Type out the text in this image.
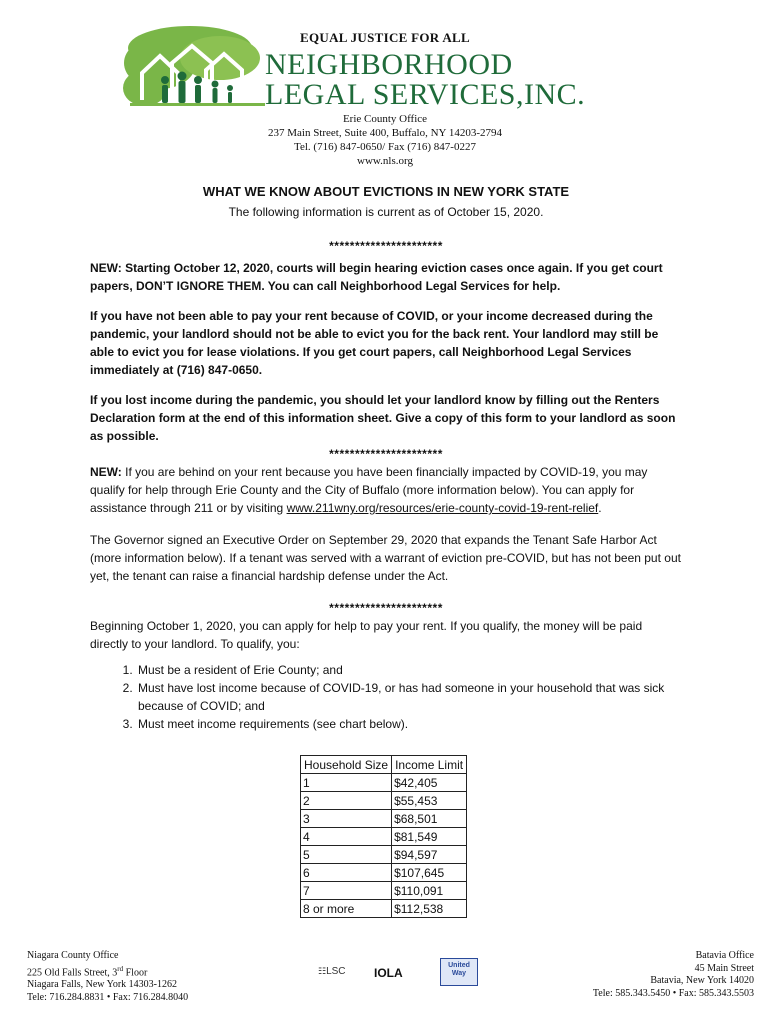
EQUAL JUSTICE FOR ALL
NEIGHBORHOOD
LEGAL SERVICES,INC.
Erie County Office
237 Main Street, Suite 400, Buffalo, NY 14203-2794
Tel. (716) 847-0650/ Fax (716) 847-0227
www.nls.org

WHAT WE KNOW ABOUT EVICTIONS IN NEW YORK STATE

The following information is current as of October 15, 2020.

**********************

NEW: Starting October 12, 2020, courts will begin hearing eviction cases once again. If you get court papers, DON’T IGNORE THEM. You can call Neighborhood Legal Services for help.

If you have not been able to pay your rent because of COVID, or your income decreased during the pandemic, your landlord should not be able to evict you for the back rent. Your landlord may still be able to evict you for lease violations. If you get court papers, call Neighborhood Legal Services immediately at (716) 847-0650.

If you lost income during the pandemic, you should let your landlord know by filling out the Renters Declaration form at the end of this information sheet. Give a copy of this form to your landlord as soon as possible.

**********************

NEW: If you are behind on your rent because you have been financially impacted by COVID-19, you may qualify for help through Erie County and the City of Buffalo (more information below). You can apply for assistance through 211 or by visiting www.211wny.org/resources/erie-county-covid-19-rent-relief.

The Governor signed an Executive Order on September 29, 2020 that expands the Tenant Safe Harbor Act (more information below). If a tenant was served with a warrant of eviction pre-COVID, but has not been put out yet, the tenant can raise a financial hardship defense under the Act.

**********************

Beginning October 1, 2020, you can apply for help to pay your rent. If you qualify, the money will be paid directly to your landlord. To qualify, you:

1. Must be a resident of Erie County; and
2. Must have lost income because of COVID-19, or has had someone in your household that was sick because of COVID; and
3. Must meet income requirements (see chart below).
Household Size	Income Limit
1	$42,405
2	$55,453
3	$68,501
4	$81,549
5	$94,597
6	$107,645
7	$110,091
8 or more	$112,538
Niagara County Office
225 Old Falls Street, 3rd Floor
Niagara Falls, New York 14303-1262
Tele: 716.284.8831 • Fax: 716.284.8040
☷LSC IOLA
United
Way
Batavia Office
45 Main Street
Batavia, New York 14020
Tele: 585.343.5450 • Fax: 585.343.5503
